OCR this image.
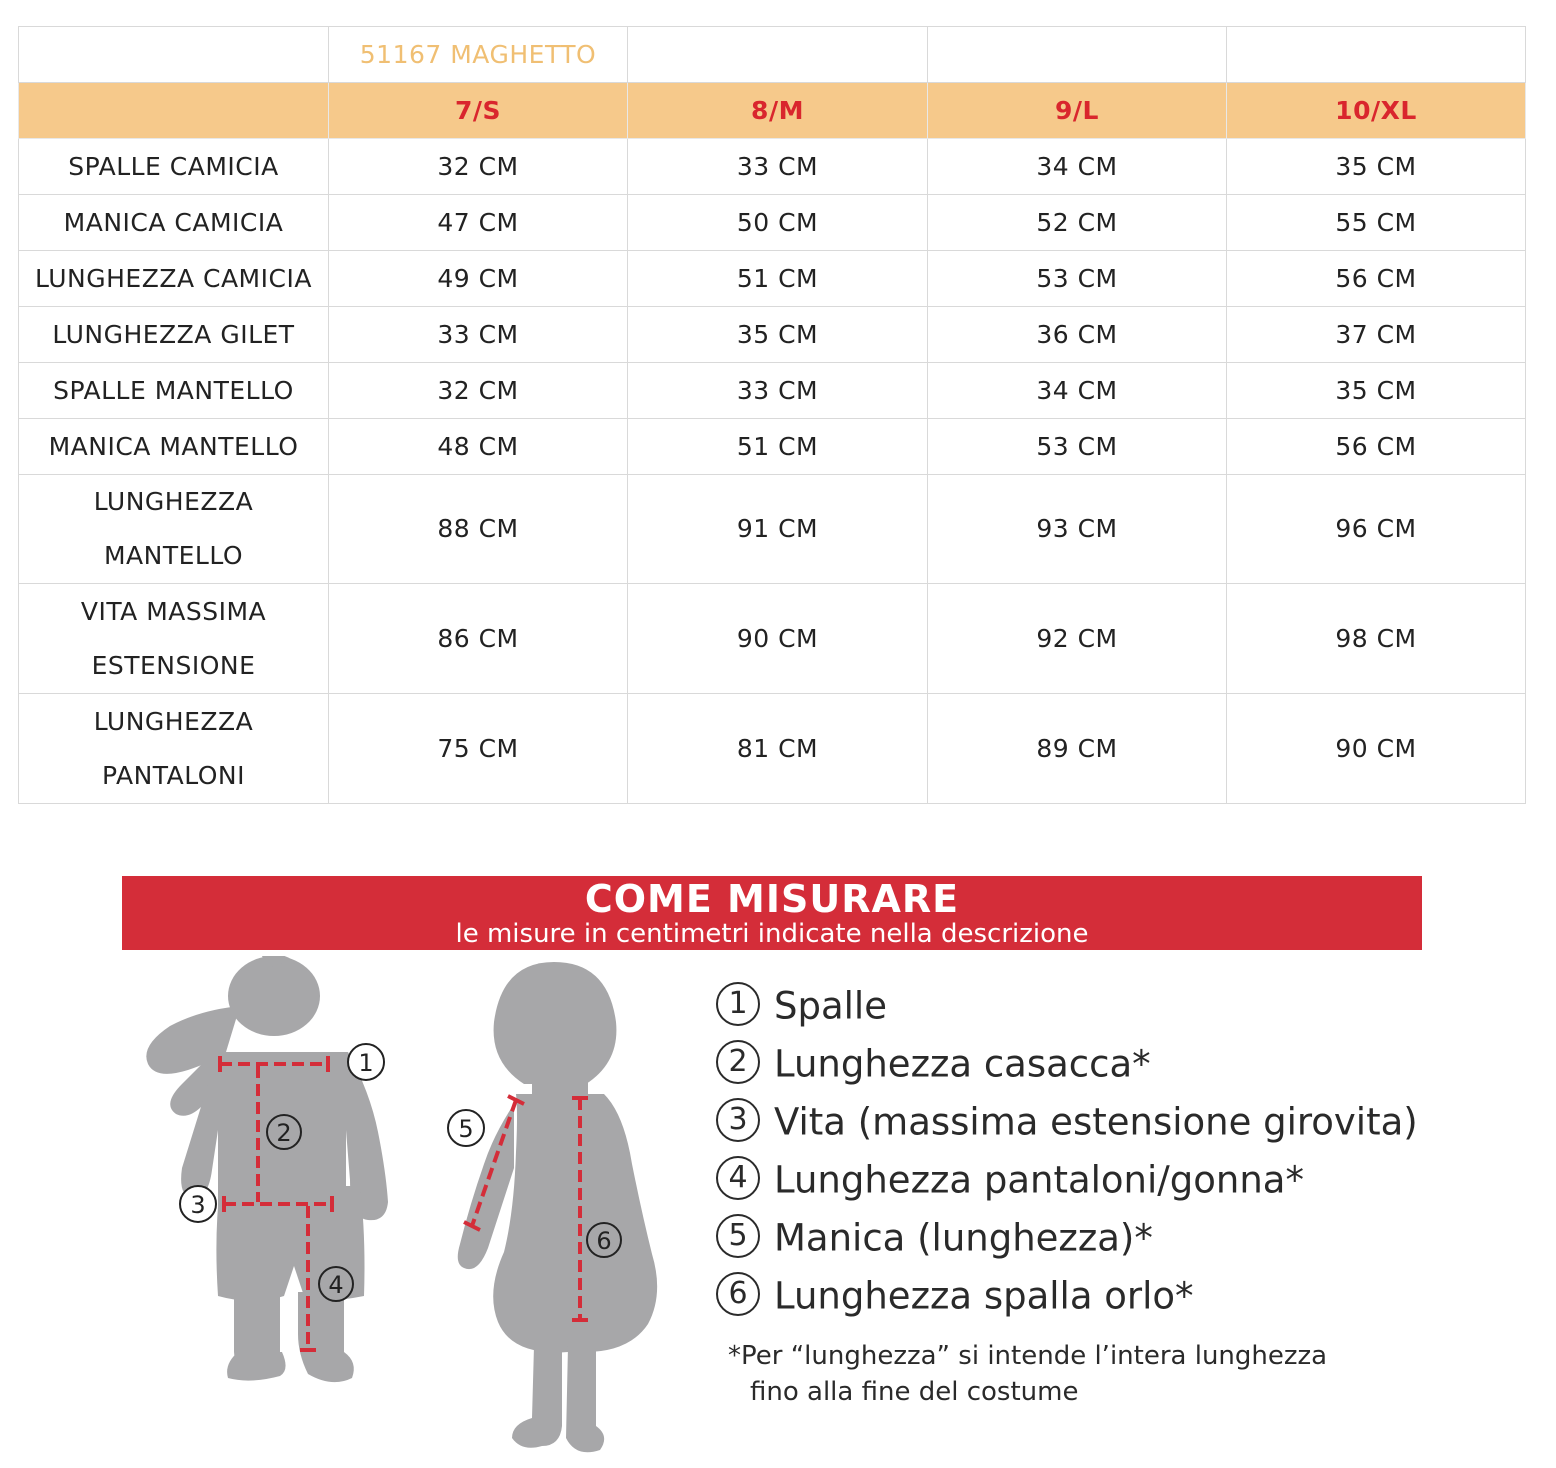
	51167 MAGHETTO			
	7/S	8/M	9/L	10/XL
SPALLE CAMICIA	32 CM	33 CM	34 CM	35 CM
MANICA CAMICIA	47 CM	50 CM	52 CM	55 CM
LUNGHEZZA CAMICIA	49 CM	51 CM	53 CM	56 CM
LUNGHEZZA GILET	33 CM	35 CM	36 CM	37 CM
SPALLE MANTELLO	32 CM	33 CM	34 CM	35 CM
MANICA MANTELLO	48 CM	51 CM	53 CM	56 CM
LUNGHEZZA MANTELLO	88 CM	91 CM	93 CM	96 CM
VITA MASSIMA ESTENSIONE	86 CM	90 CM	92 CM	98 CM
LUNGHEZZA PANTALONI	75 CM	81 CM	89 CM	90 CM
COME MISURARE
le misure in centimetri indicate nella descrizione
1
2
3
4
5
6
1 Spalle
2 Lunghezza casacca*
3 Vita (massima estensione girovita)
4 Lunghezza pantaloni/gonna*
5 Manica (lunghezza)*
6 Lunghezza spalla orlo*
*Per “lunghezza” si intende l’intera lunghezza
fino alla fine del costume
